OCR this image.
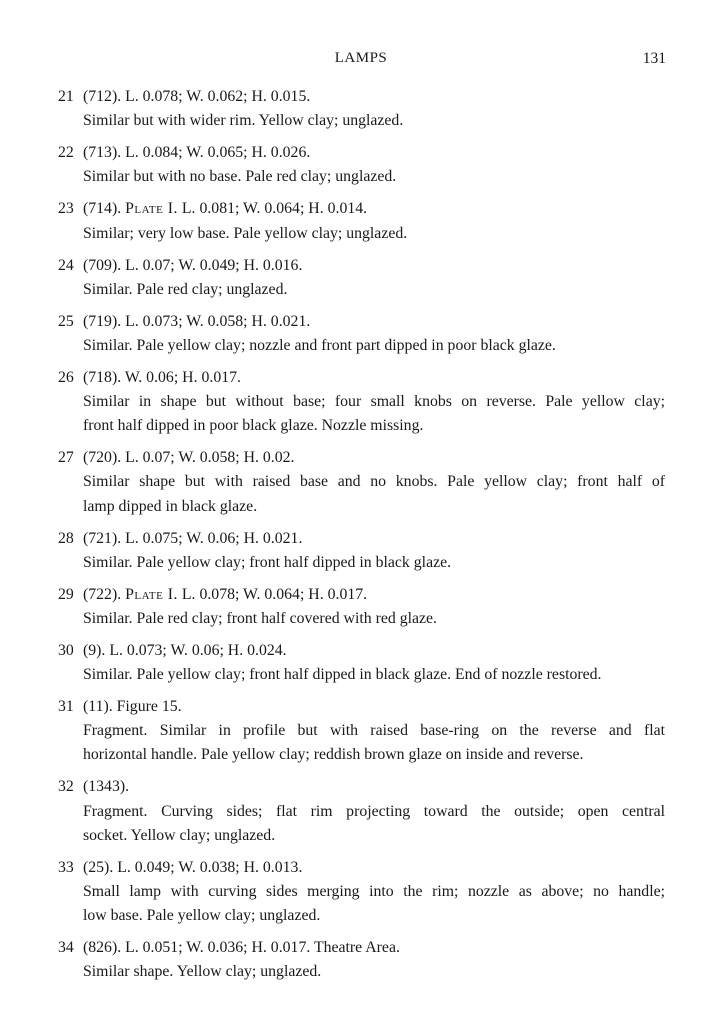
LAMPS	131
21 (712). L. 0.078; W. 0.062; H. 0.015.
Similar but with wider rim. Yellow clay; unglazed.
22 (713). L. 0.084; W. 0.065; H. 0.026.
Similar but with no base. Pale red clay; unglazed.
23 (714). Plate I. L. 0.081; W. 0.064; H. 0.014.
Similar; very low base. Pale yellow clay; unglazed.
24 (709). L. 0.07; W. 0.049; H. 0.016.
Similar. Pale red clay; unglazed.
25 (719). L. 0.073; W. 0.058; H. 0.021.
Similar. Pale yellow clay; nozzle and front part dipped in poor black glaze.
26 (718). W. 0.06; H. 0.017.
Similar in shape but without base; four small knobs on reverse. Pale yellow clay;
front half dipped in poor black glaze. Nozzle missing.
27 (720). L. 0.07; W. 0.058; H. 0.02.
Similar shape but with raised base and no knobs. Pale yellow clay; front half of
lamp dipped in black glaze.
28 (721). L. 0.075; W. 0.06; H. 0.021.
Similar. Pale yellow clay; front half dipped in black glaze.
29 (722). Plate I. L. 0.078; W. 0.064; H. 0.017.
Similar. Pale red clay; front half covered with red glaze.
30 (9). L. 0.073; W. 0.06; H. 0.024.
Similar. Pale yellow clay; front half dipped in black glaze. End of nozzle restored.
31 (11). Figure 15.
Fragment. Similar in profile but with raised base-ring on the reverse and flat
horizontal handle. Pale yellow clay; reddish brown glaze on inside and reverse.
32 (1343).
Fragment. Curving sides; flat rim projecting toward the outside; open central
socket. Yellow clay; unglazed.
33 (25). L. 0.049; W. 0.038; H. 0.013.
Small lamp with curving sides merging into the rim; nozzle as above; no handle;
low base. Pale yellow clay; unglazed.
34 (826). L. 0.051; W. 0.036; H. 0.017. Theatre Area.
Similar shape. Yellow clay; unglazed.
